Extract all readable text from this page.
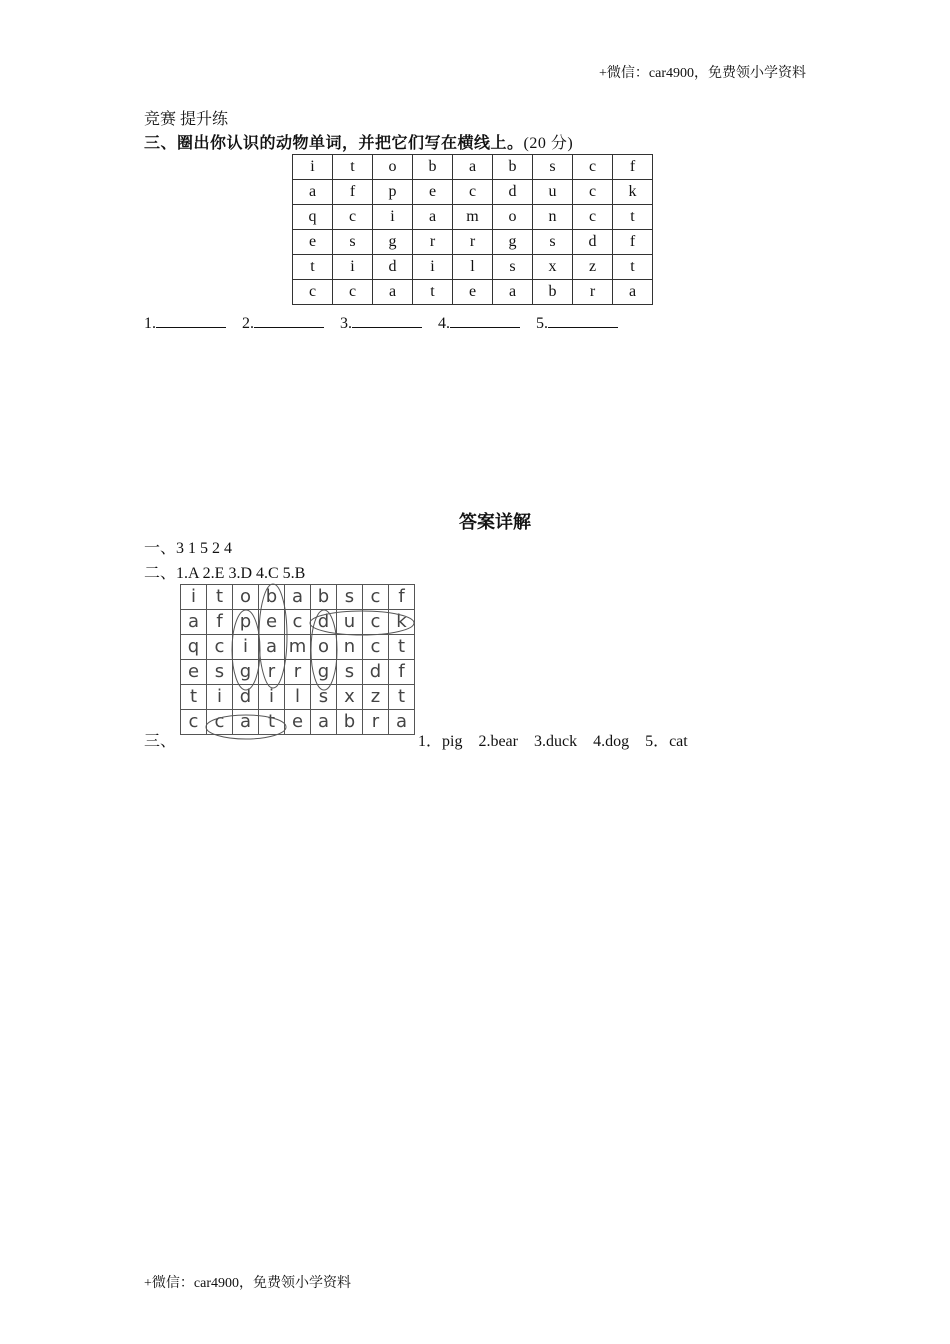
+微信：car4900，免费领小学资料
竞赛 提升练
三、圈出你认识的动物单词，并把它们写在横线上。(20 分)
i	t	o	b	a	b	s	c	f
a	f	p	e	c	d	u	c	k
q	c	i	a	m	o	n	c	t
e	s	g	r	r	g	s	d	f
t	i	d	i	l	s	x	z	t
c	c	a	t	e	a	b	r	a
1.	2.	3.	4.	5.
答案详解
一、3 1 5 2 4
二、1.A 2.E 3.D 4.C 5.B
i	t	o	b	a	b	s	c	f
a	f	p	e	c	d	u	c	k
q	c	i	a	m	o	n	c	t
e	s	g	r	r	g	s	d	f
t	i	d	i	l	s	x	z	t
c	c	a	t	e	a	b	r	a
三、	1．pig    2.bear    3.duck    4.dog    5．cat
+微信：car4900，免费领小学资料
